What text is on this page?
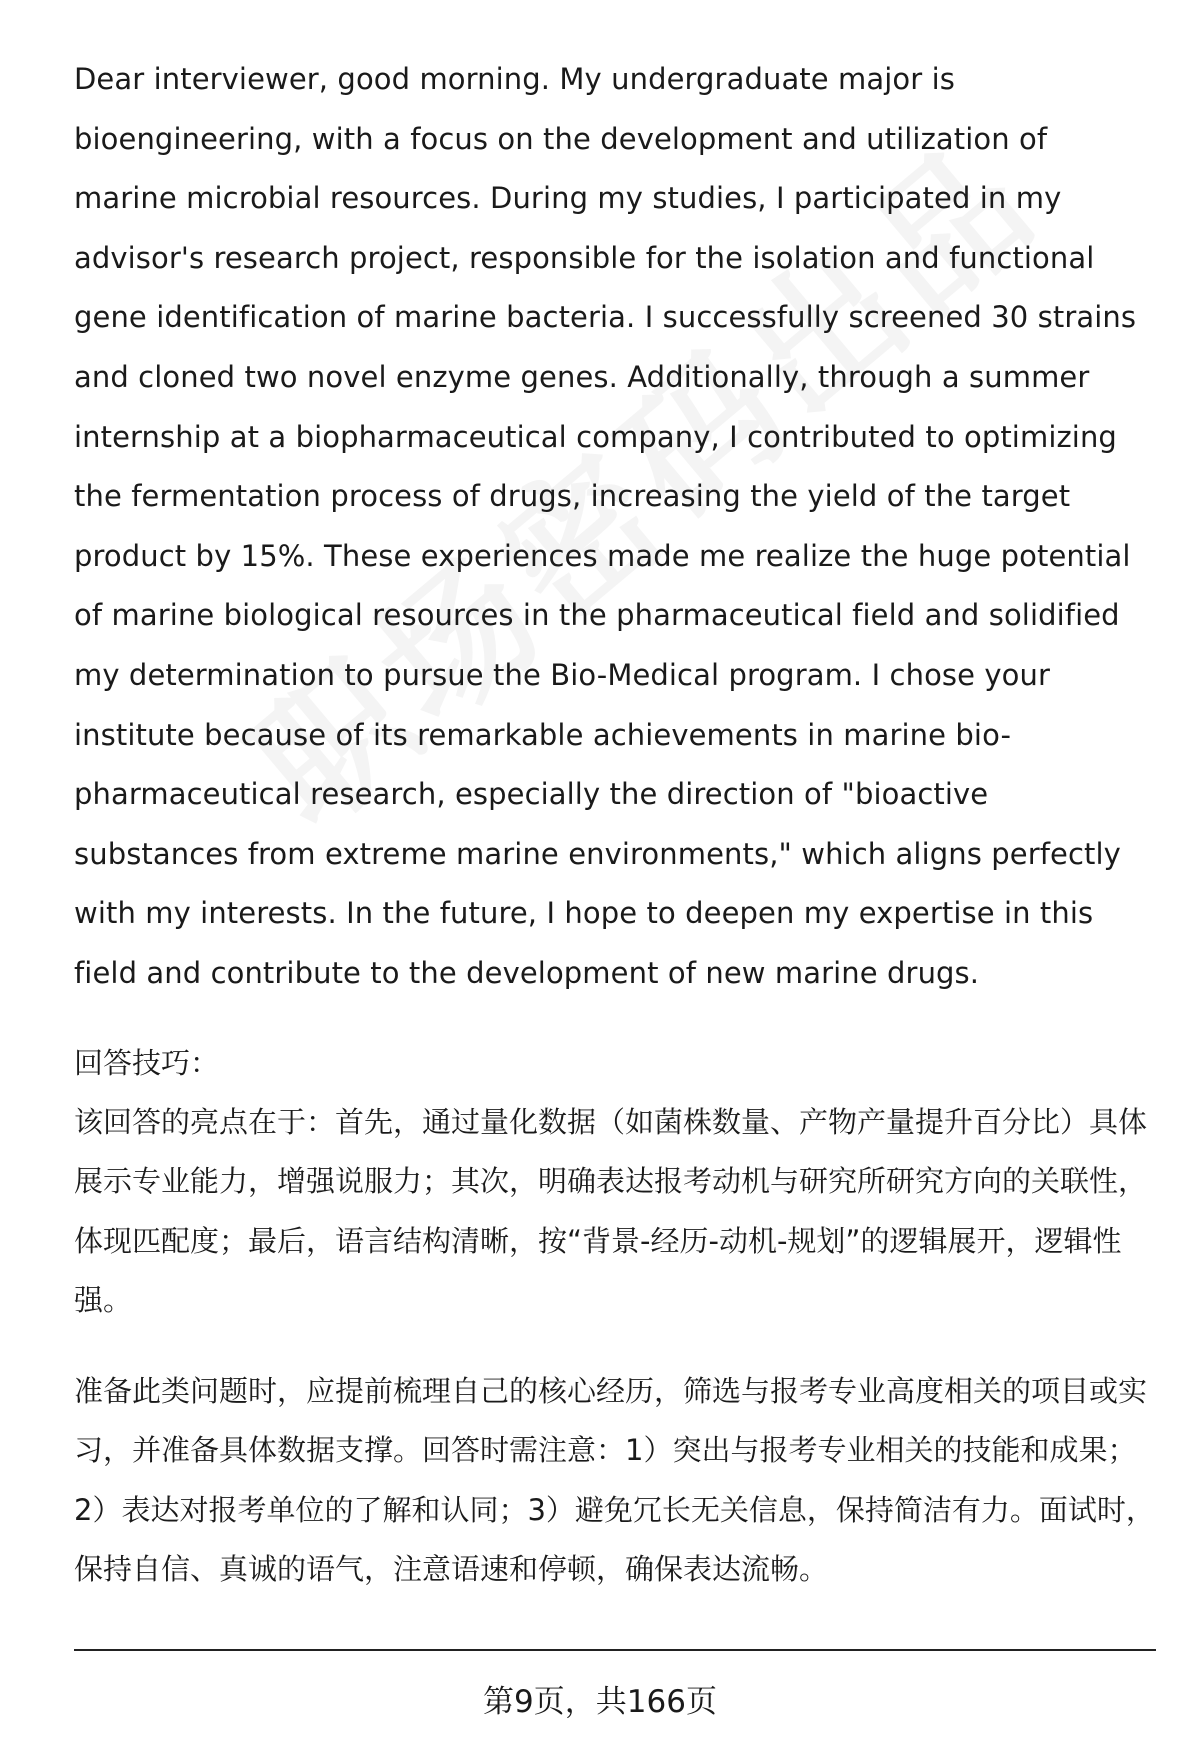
Dear interviewer, good morning. My undergraduate major is bioengineering, with a focus on the development and utilization of marine microbial resources. During my studies, I participated in my advisor's research project, responsible for the isolation and functional gene identification of marine bacteria. I successfully screened 30 strains and cloned two novel enzyme genes. Additionally, through a summer internship at a biopharmaceutical company, I contributed to optimizing the fermentation process of drugs, increasing the yield of the target product by 15%. These experiences made me realize the huge potential of marine biological resources in the pharmaceutical field and solidified my determination to pursue the Bio-Medical program. I chose your institute because of its remarkable achievements in marine bio-pharmaceutical research, especially the direction of "bioactive substances from extreme marine environments," which aligns perfectly with my interests. In the future, I hope to deepen my expertise in this field and contribute to the development of new marine drugs.

回答技巧：

该回答的亮点在于：首先，通过量化数据（如菌株数量、产物产量提升百分比）具体展示专业能力，增强说服力；其次，明确表达报考动机与研究所研究方向的关联性，体现匹配度；最后，语言结构清晰，按“背景-经历-动机-规划”的逻辑展开，逻辑性强。

准备此类问题时，应提前梳理自己的核心经历，筛选与报考专业高度相关的项目或实习，并准备具体数据支撑。回答时需注意：1）突出与报考专业相关的技能和成果；2）表达对报考单位的了解和认同；3）避免冗长无关信息，保持简洁有力。面试时，保持自信、真诚的语气，注意语速和停顿，确保表达流畅。

第9页，共166页
